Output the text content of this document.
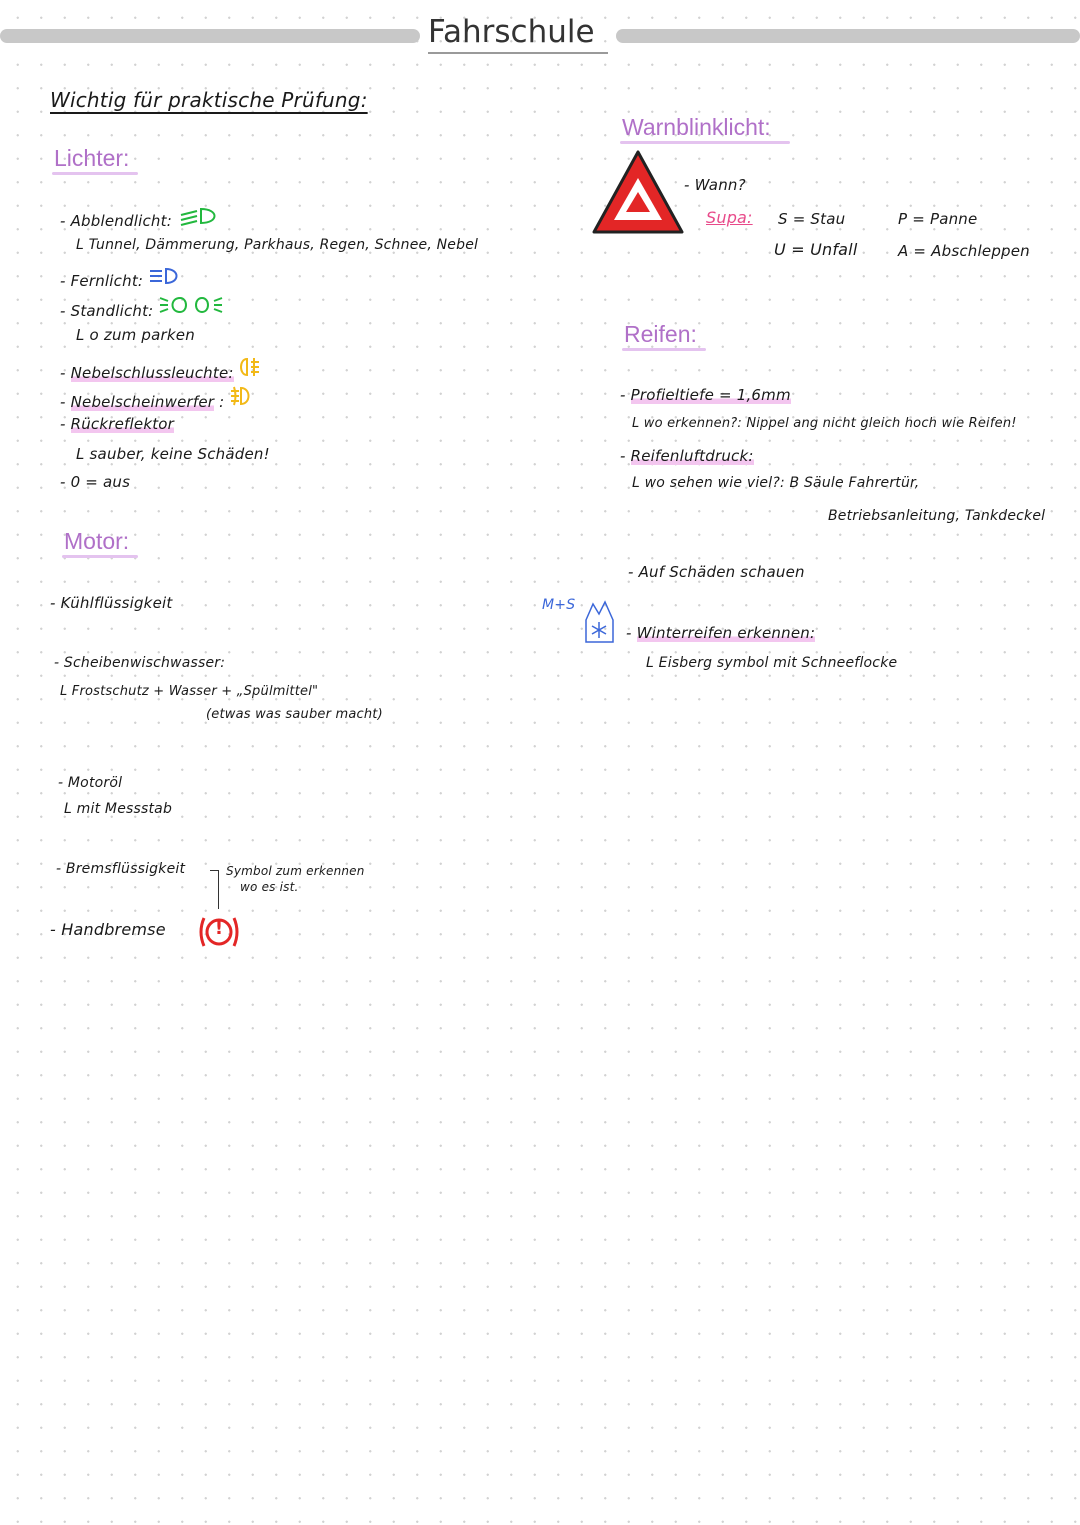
Fahrschule
Wichtig für praktische Prüfung:
Lichter:
- Abblendlicht:
L Tunnel, Dämmerung, Parkhaus, Regen, Schnee, Nebel
- Fernlicht:
- Standlicht:
L o zum parken
- Nebelschlussleuchte:
- Nebelscheinwerfer :
- Rückreflektor
L sauber, keine Schäden!
- 0 = aus
Motor:
- Kühlflüssigkeit
- Scheibenwischwasser:
L Frostschutz + Wasser + „Spülmittel"
(etwas was sauber macht)
- Motoröl
L mit Messstab
- Bremsflüssigkeit	Symbol zum erkennen
wo es ist.
- Handbremse	!
Warnblinklicht:
- Wann?
Supa: S = Stau	P = Panne
U = Unfall	A = Abschleppen
Reifen:
- Profieltiefe = 1,6mm
L wo erkennen?: Nippel ang nicht gleich hoch wie Reifen!
- Reifenluftdruck:
L wo sehen wie viel?: B Säule Fahrertür,
Betriebsanleitung, Tankdeckel
- Auf Schäden schauen
M+S
- Winterreifen erkennen:
L Eisberg symbol mit Schneeflocke
